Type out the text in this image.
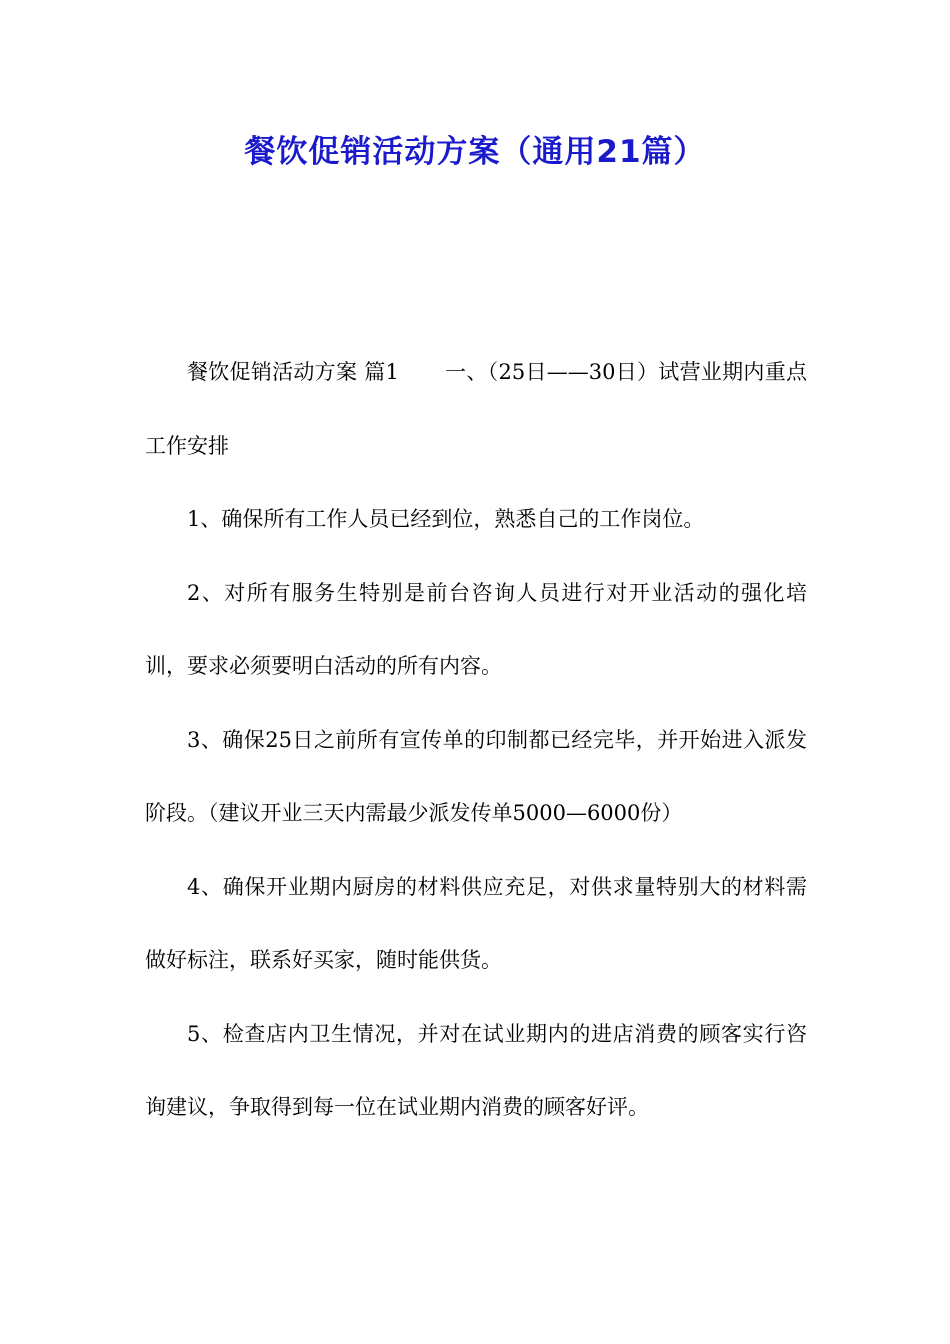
餐饮促销活动方案（通用21篇）

餐饮促销活动方案 篇1 一、（25日——30日）试营业期内重点工作安排

1、确保所有工作人员已经到位，熟悉自己的工作岗位。

2、对所有服务生特别是前台咨询人员进行对开业活动的强化培训，要求必须要明白活动的所有内容。

3、确保25日之前所有宣传单的印制都已经完毕，并开始进入派发阶段。（建议开业三天内需最少派发传单5000—6000份）

4、确保开业期内厨房的材料供应充足，对供求量特别大的材料需做好标注，联系好买家，随时能供货。

5、检查店内卫生情况，并对在试业期内的进店消费的顾客实行咨询建议，争取得到每一位在试业期内消费的顾客好评。
